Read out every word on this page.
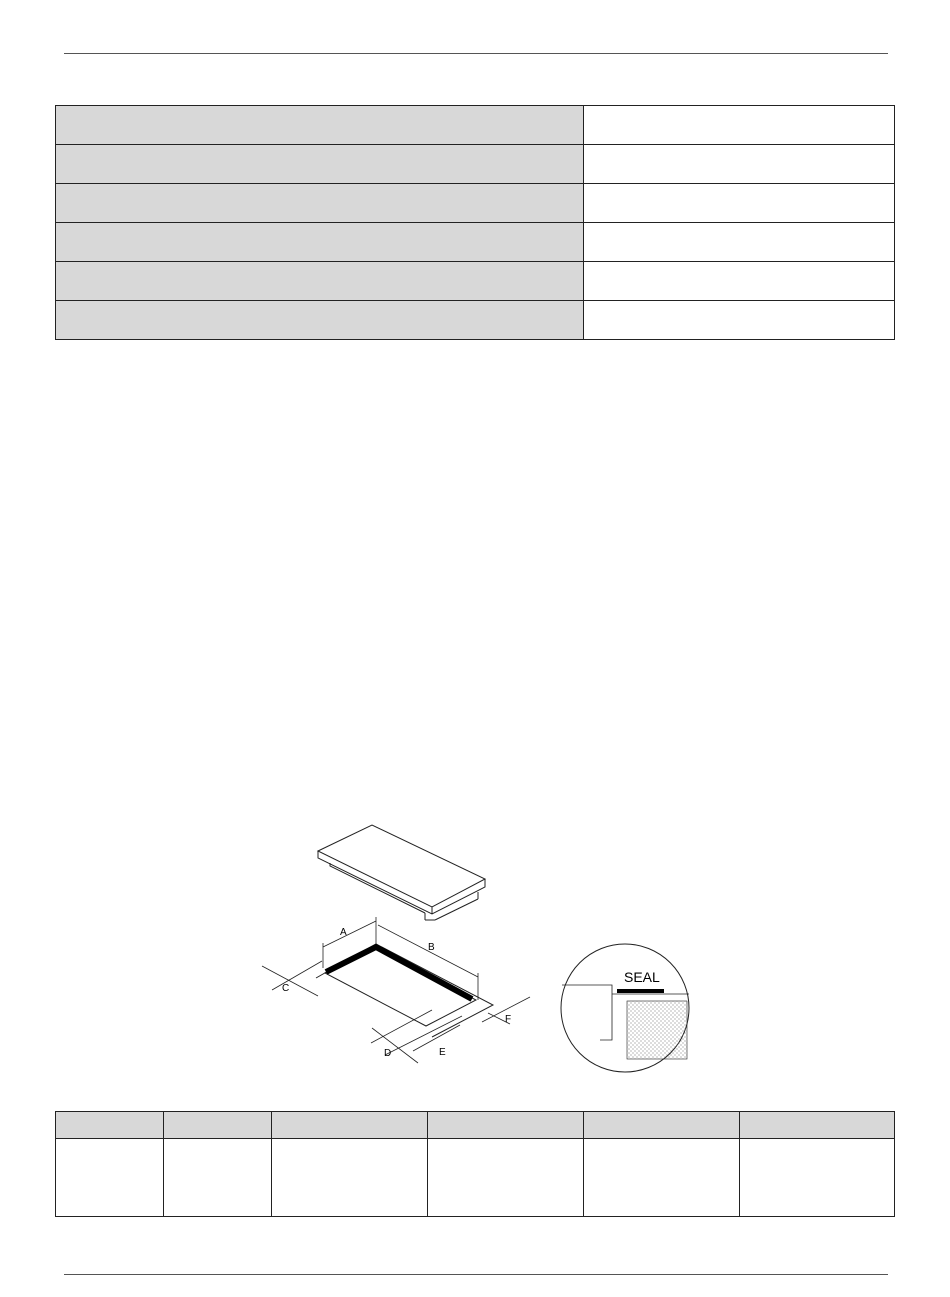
A
B
C
D	E
F
SEAL
